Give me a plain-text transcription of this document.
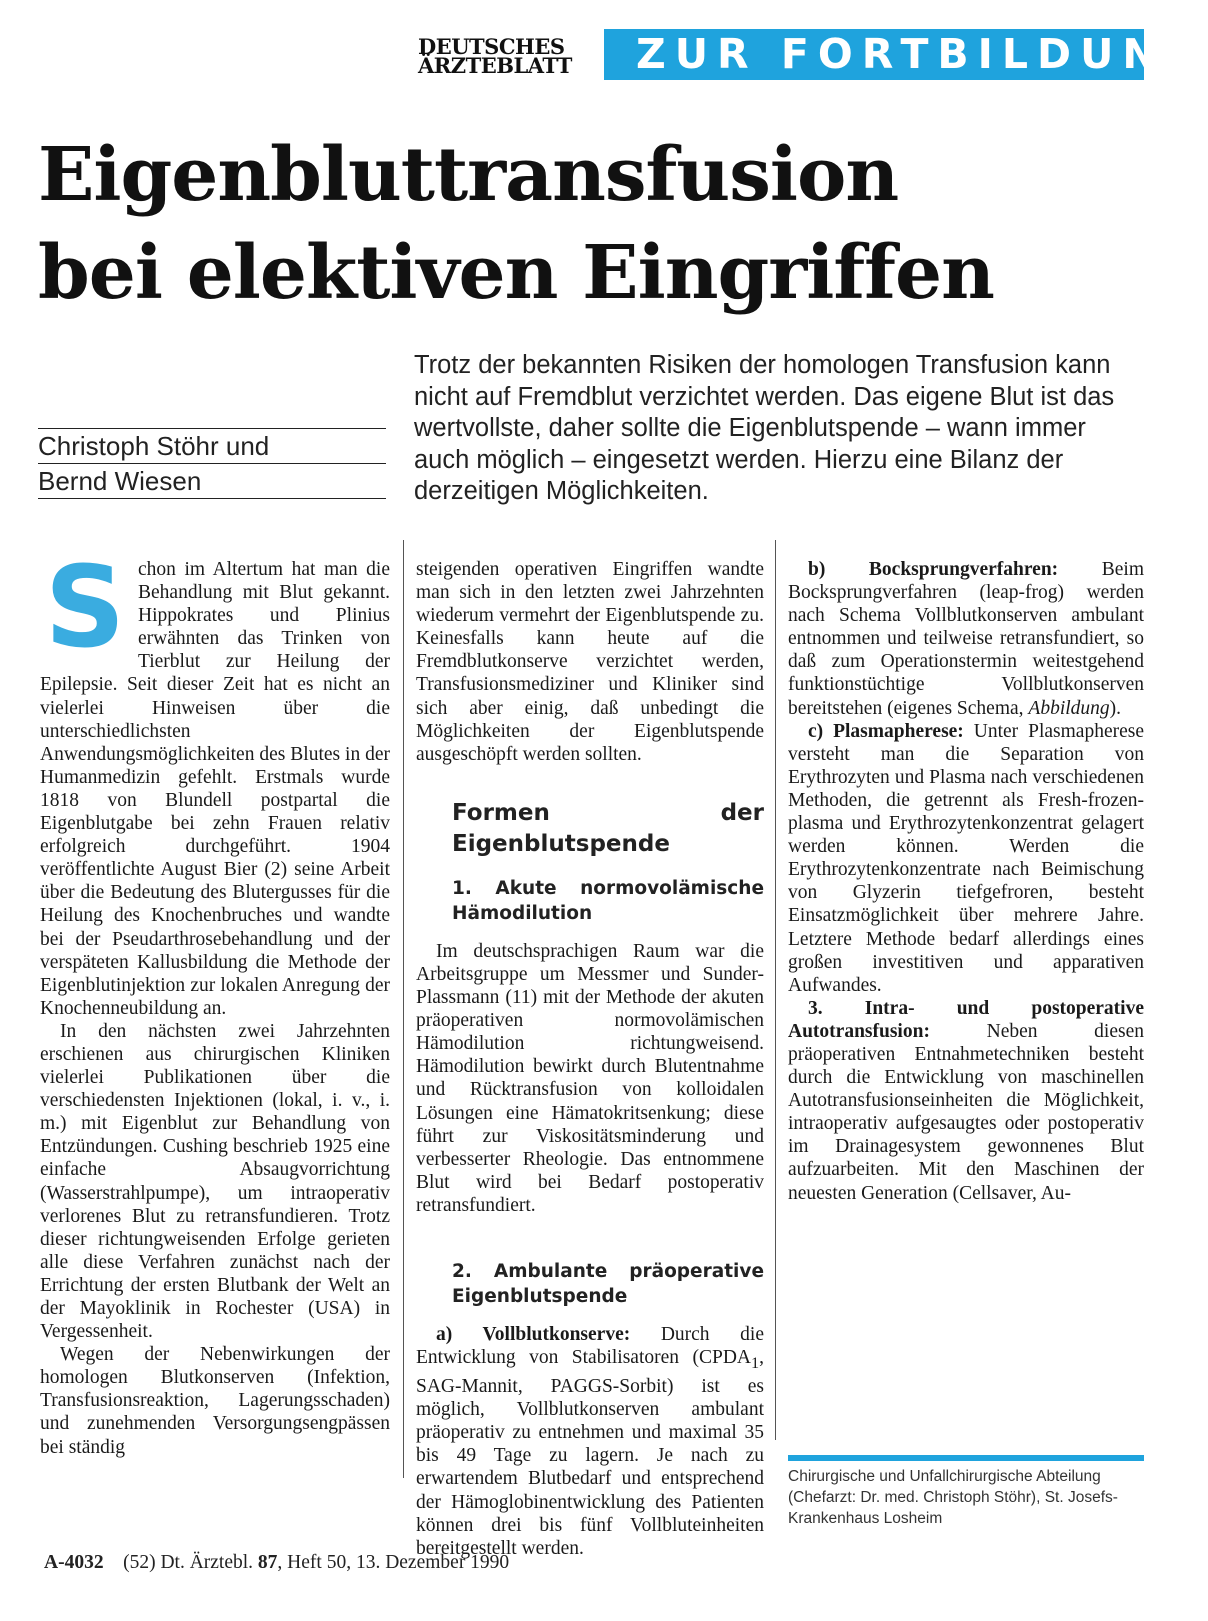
DEUTSCHES
ÄRZTEBLATT	ZUR FORTBILDUNG
Eigenbluttransfusion
bei elektiven Eingriffen
Christoph Stöhr und
Bernd Wiesen
Trotz der bekannten Risiken der homologen Transfusion kann nicht auf Fremdblut verzichtet werden. Das eigene Blut ist das wertvollste, daher sollte die Eigenblutspende – wann immer auch möglich – eingesetzt werden. Hierzu eine Bilanz der derzeitigen Möglichkeiten.
S chon im Altertum hat man die Behandlung mit Blut gekannt. Hippokrates und Plinius erwähnten das Trinken von Tierblut zur Heilung der Epilepsie. Seit dieser Zeit hat es nicht an vielerlei Hinweisen über die unterschiedlichsten Anwendungsmöglichkeiten des Blutes in der Humanmedizin gefehlt. Erstmals wurde 1818 von Blundell postpartal die Eigenblutgabe bei zehn Frauen relativ erfolgreich durchgeführt. 1904 veröffentlichte August Bier (2) seine Arbeit über die Bedeutung des Blutergusses für die Heilung des Knochenbruches und wandte bei der Pseudarthrosebehandlung und der verspäteten Kallusbildung die Methode der Eigenblutinjektion zur lokalen Anregung der Knochenneubildung an.

In den nächsten zwei Jahrzehnten erschienen aus chirurgischen Kliniken vielerlei Publikationen über die verschiedensten Injektionen (lokal, i. v., i. m.) mit Eigenblut zur Behandlung von Entzündungen. Cushing beschrieb 1925 eine einfache Absaugvorrichtung (Wasserstrahlpumpe), um intraoperativ verlorenes Blut zu retransfundieren. Trotz dieser richtungweisenden Erfolge gerieten alle diese Verfahren zunächst nach der Errichtung der ersten Blutbank der Welt an der Mayoklinik in Rochester (USA) in Vergessenheit.

Wegen der Nebenwirkungen der homologen Blutkonserven (Infektion, Transfusionsreaktion, Lagerungsschaden) und zunehmenden Versorgungsengpässen bei ständig

steigenden operativen Eingriffen wandte man sich in den letzten zwei Jahrzehnten wiederum vermehrt der Eigenblutspende zu. Keinesfalls kann heute auf die Fremdblutkonserve verzichtet werden, Transfusionsmediziner und Kliniker sind sich aber einig, daß unbedingt die Möglichkeiten der Eigenblutspende ausgeschöpft werden sollten.

Formen der Eigenblutspende
1. Akute normovolämische Hämodilution

Im deutschsprachigen Raum war die Arbeitsgruppe um Messmer und Sunder-Plassmann (11) mit der Methode der akuten präoperativen normovolämischen Hämodilution richtungweisend. Hämodilution bewirkt durch Blutentnahme und Rücktransfusion von kolloidalen Lösungen eine Hämatokritsenkung; diese führt zur Viskositätsminderung und verbesserter Rheologie. Das entnommene Blut wird bei Bedarf postoperativ retransfundiert.

2. Ambulante präoperative Eigenblutspende

a) Vollblutkonserve: Durch die Entwicklung von Stabilisatoren ($CPDA_1$, SAG-Mannit, PAGGS-Sorbit) ist es möglich, Vollblutkonserven ambulant präoperativ zu entnehmen und maximal 35 bis 49 Tage zu lagern. Je nach zu erwartendem Blutbedarf und entsprechend der Hämoglobinentwicklung des Patienten können drei bis fünf Vollbluteinheiten bereitgestellt werden.

b) Bocksprungverfahren: Beim Bocksprungverfahren (leap-frog) werden nach Schema Vollblutkonserven ambulant entnommen und teilweise retransfundiert, so daß zum Operationstermin weitestgehend funktionstüchtige Vollblutkonserven bereitstehen (eigenes Schema, Abbildung).

c) Plasmapherese: Unter Plasmapherese versteht man die Separation von Erythrozyten und Plasma nach verschiedenen Methoden, die getrennt als Fresh-frozen-plasma und Erythrozytenkonzentrat gelagert werden können. Werden die Erythrozytenkonzentrate nach Beimischung von Glyzerin tiefgefroren, besteht Einsatzmöglichkeit über mehrere Jahre. Letztere Methode bedarf allerdings eines großen investitiven und apparativen Aufwandes.

3. Intra- und postoperative Autotransfusion: Neben diesen präoperativen Entnahmetechniken besteht durch die Entwicklung von maschinellen Autotransfusionseinheiten die Möglichkeit, intraoperativ aufgesaugtes oder postoperativ im Drainagesystem gewonnenes Blut aufzuarbeiten. Mit den Maschinen der neuesten Generation (Cellsaver, Au-

Chirurgische und Unfallchirurgische Abteilung (Chefarzt: Dr. med. Christoph Stöhr), St. Josefs-Krankenhaus Losheim
A-4032 (52) Dt. Ärztebl. 87, Heft 50, 13. Dezember 1990
